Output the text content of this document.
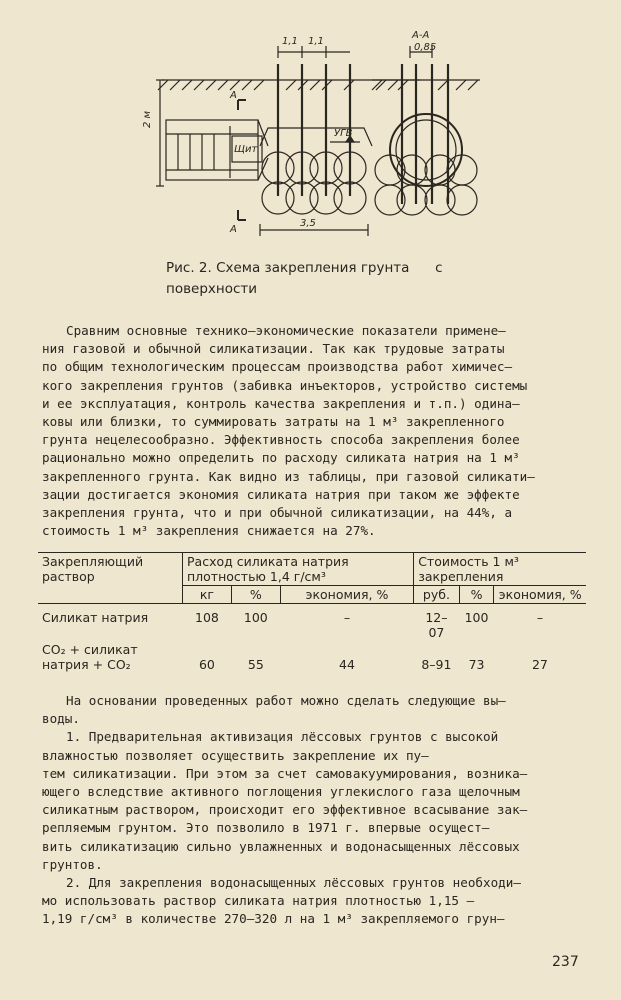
1,1 1,1
2 м
A
A
Щит
УГВ
3,5
A-A
0,85
Рис. 2. Схема закрепления грунта      с
поверхности
Сравним основные технико–экономические показатели примене–
ния газовой и обычной силикатизации. Так как трудовые затраты
по общим технологическим процессам производства работ химичес–
кого закрепления грунтов (забивка инъекторов, устройство системы
и ее эксплуатация, контроль качества закрепления и т.п.) одина–
ковы или близки, то суммировать затраты на 1 м³ закрепленного
грунта нецелесообразно. Эффективность способа закрепления более
рационально можно определить по расходу силиката натрия на 1 м³
закрепленного грунта. Как видно из таблицы, при газовой силикати–
зации достигается экономия силиката натрия при таком же эффекте
закрепления грунта, что и при обычной силикатизации, на 44%, а
стоимость 1 м³ закрепления снижается на 27%.
Закрепляющий раствор	Расход силиката натрия плотностью 1,4 г/см³			Стоимость 1 м³ закрепления		
	кг	%	экономия, %	руб.	%	экономия, %
Силикат натрия	108	100	–	12–07	100	–
CO₂ + силикат натрия + CO₂	60	55	44	8–91	73	27
На основании проведенных работ можно сделать следующие вы–
воды.
1. Предварительная активизация лёссовых грунтов с высокой
влажностью позволяет осуществить закрепление их пу–
тем силикатизации. При этом за счет самовакуумирования, возника–
ющего вследствие активного поглощения углекислого газа щелочным
силикатным раствором, происходит его эффективное всасывание зак–
репляемым грунтом. Это позволило в 1971 г. впервые осущест–
вить силикатизацию сильно увлажненных и водонасыщенных лёссовых
грунтов.
2. Для закрепления водонасыщенных лёссовых грунтов необходи–
мо использовать раствор силиката натрия плотностью 1,15 –
1,19 г/см³ в количестве 270–320 л на 1 м³ закрепляемого грун–
237
